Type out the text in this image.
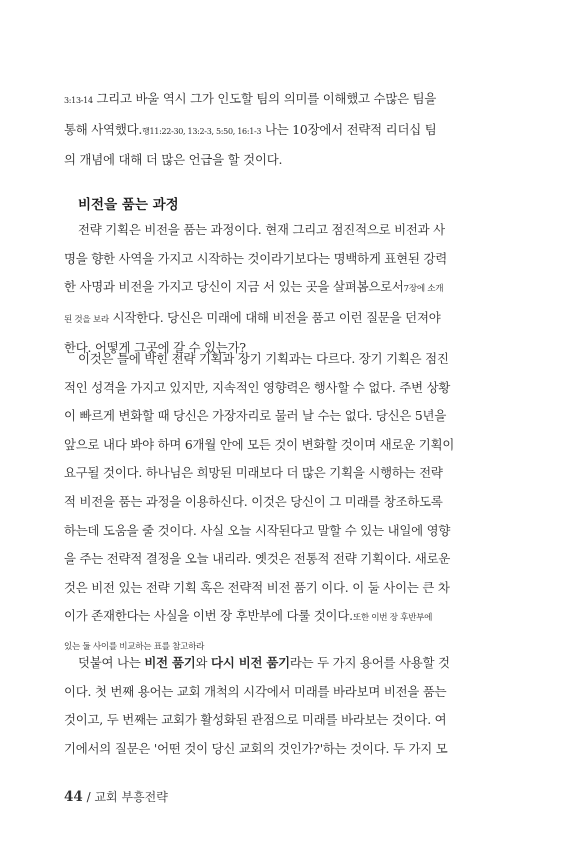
3:13-14 그리고 바울 역시 그가 인도할 팀의 의미를 이해했고 수많은 팀을
통해 사역했다.행11:22-30, 13:2-3, 5:50, 16:1-3 나는 10장에서 전략적 리더십 팀
의 개념에 대해 더 많은 언급을 할 것이다.
비전을 품는 과정
전략 기획은 비전을 품는 과정이다. 현재 그리고 점진적으로 비전과 사
명을 향한 사역을 가지고 시작하는 것이라기보다는 명백하게 표현된 강력
한 사명과 비전을 가지고 당신이 지금 서 있는 곳을 살펴봄으로서7장에 소개
된 것을 보라 시작한다. 당신은 미래에 대해 비전을 품고 이런 질문을 던져야
한다. 어떻게 그곳에 갈 수 있는가?
이것은 틀에 박힌 전략 기획과 장기 기획과는 다르다. 장기 기획은 점진
적인 성격을 가지고 있지만, 지속적인 영향력은 행사할 수 없다. 주변 상황
이 빠르게 변화할 때 당신은 가장자리로 물러 날 수는 없다. 당신은 5년을
앞으로 내다 봐야 하며 6개월 안에 모든 것이 변화할 것이며 새로운 기획이
요구될 것이다. 하나님은 희망된 미래보다 더 많은 기획을 시행하는 전략
적 비전을 품는 과정을 이용하신다. 이것은 당신이 그 미래를 창조하도록
하는데 도움을 줄 것이다. 사실 오늘 시작된다고 말할 수 있는 내일에 영향
을 주는 전략적 결정을 오늘 내리라. 옛것은 전통적 전략 기획이다. 새로운
것은 비전 있는 전략 기획 혹은 전략적 비전 품기 이다. 이 둘 사이는 큰 차
이가 존재한다는 사실을 이번 장 후반부에 다룰 것이다.또한 이번 장 후반부에
있는 둘 사이를 비교하는 표를 참고하라
덧붙여 나는 비전 품기와 다시 비전 품기라는 두 가지 용어를 사용할 것
이다. 첫 번째 용어는 교회 개척의 시각에서 미래를 바라보며 비전을 품는
것이고, 두 번째는 교회가 활성화된 관점으로 미래를 바라보는 것이다. 여
기에서의 질문은 '어떤 것이 당신 교회의 것인가?'하는 것이다. 두 가지 모
44 / 교회 부흥전략
